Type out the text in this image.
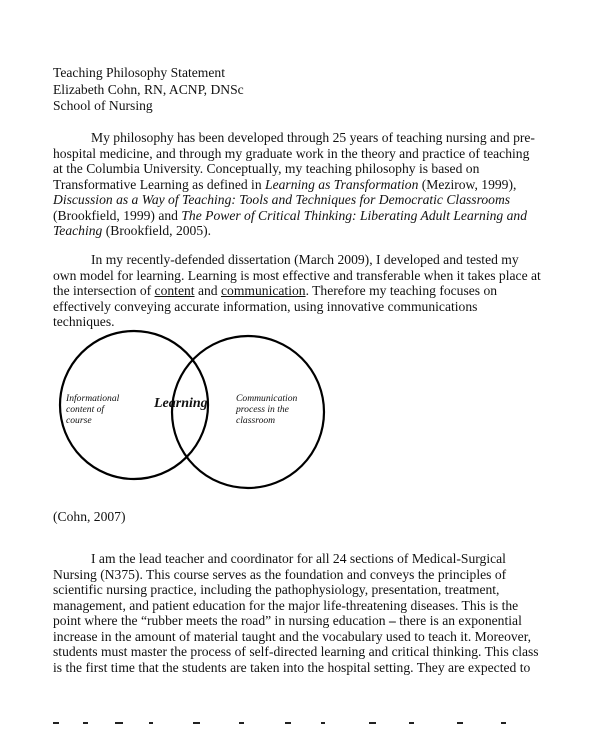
Teaching Philosophy Statement
Elizabeth Cohn, RN, ACNP, DNSc
School of Nursing
My philosophy has been developed through 25 years of teaching nursing and pre-
hospital medicine, and through my graduate work in the theory and practice of teaching
at the Columbia University. Conceptually, my teaching philosophy is based on
Transformative Learning as defined in Learning as Transformation (Mezirow, 1999),
Discussion as a Way of Teaching: Tools and Techniques for Democratic Classrooms
(Brookfield, 1999) and The Power of Critical Thinking: Liberating Adult Learning and
Teaching (Brookfield, 2005).
In my recently-defended dissertation (March 2009), I developed and tested my
own model for learning. Learning is most effective and transferable when it takes place at
the intersection of content and communication. Therefore my teaching focuses on
effectively conveying accurate information, using innovative communications
techniques.
Informational
content of
course
Learning	Communication
process in the
classroom
(Cohn, 2007)
I am the lead teacher and coordinator for all 24 sections of Medical-Surgical
Nursing (N375). This course serves as the foundation and conveys the principles of
scientific nursing practice, including the pathophysiology, presentation, treatment,
management, and patient education for the major life-threatening diseases. This is the
point where the “rubber meets the road” in nursing education – there is an exponential
increase in the amount of material taught and the vocabulary used to teach it. Moreover,
students must master the process of self-directed learning and critical thinking. This class
is the first time that the students are taken into the hospital setting. They are expected to
